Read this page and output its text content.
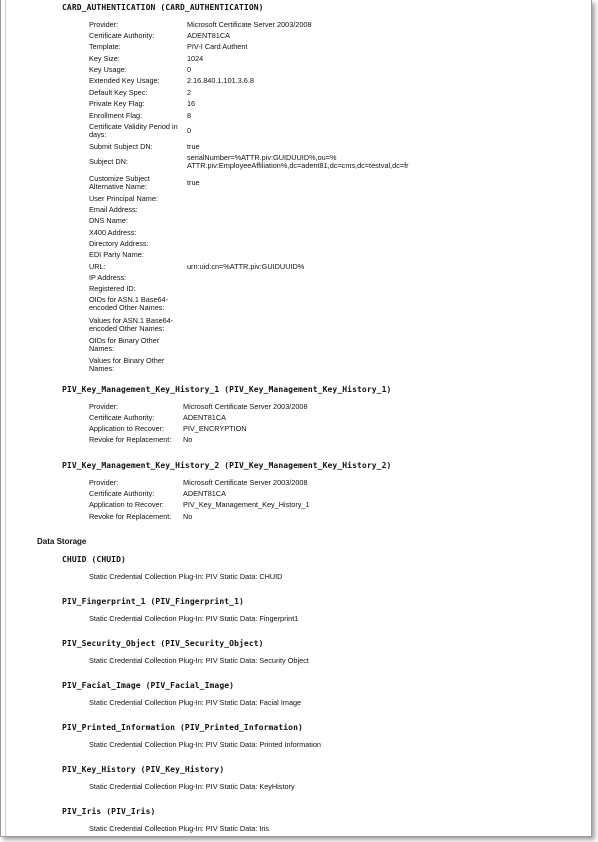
CARD_AUTHENTICATION (CARD_AUTHENTICATION)
Provider:	Microsoft Certificate Server 2003/2008
Certificate Authority:	ADENT81CA
Template:	PIV-I Card Authent
Key Size:	1024
Key Usage:	0
Extended Key Usage:	2.16.840.1.101.3.6.8
Default Key Spec:	2
Private Key Flag:	16
Enrollment Flag:	8
Certificate Validity Period in days:	0
Submit Subject DN:	true
Subject DN:	serialNumber=%ATTR.piv:GUIDUUID%,ou=% ATTR.piv:EmployeeAffiliation%,dc=adent81,dc=cms,dc=testval,dc=fr
Customize Subject Alternative Name:	true
User Principal Name:
Email Address:
DNS Name:
X400 Address:
Directory Address:
EDI Party Name:
URL:	urn:uid:cn=%ATTR.piv:GUIDUUID%
IP Address:
Registered ID:
OIDs for ASN.1 Base64-encoded Other Names:
Values for ASN.1 Base64-encoded Other Names:
OIDs for Binary Other Names:
Values for Binary Other Names:
PIV_Key_Management_Key_History_1 (PIV_Key_Management_Key_History_1)
Provider:	Microsoft Certificate Server 2003/2008
Certificate Authority:	ADENT81CA
Application to Recover:	PIV_ENCRYPTION
Revoke for Replacement: No
PIV_Key_Management_Key_History_2 (PIV_Key_Management_Key_History_2)
Provider:	Microsoft Certificate Server 2003/2008
Certificate Authority:	ADENT81CA
Application to Recover:	PIV_Key_Management_Key_History_1
Revoke for Replacement: No
Data Storage
CHUID (CHUID)
Static Credential Collection Plug-In: PIV Static Data: CHUID
PIV_Fingerprint_1 (PIV_Fingerprint_1)
Static Credential Collection Plug-In: PIV Static Data: Fingerprint1
PIV_Security_Object (PIV_Security_Object)
Static Credential Collection Plug-In: PIV Static Data: Security Object
PIV_Facial_Image (PIV_Facial_Image)
Static Credential Collection Plug-In: PIV Static Data: Facial Image
PIV_Printed_Information (PIV_Printed_Information)
Static Credential Collection Plug-In: PIV Static Data: Printed Information
PIV_Key_History (PIV_Key_History)
Static Credential Collection Plug-In: PIV Static Data: KeyHistory
PIV_Iris (PIV_Iris)
Static Credential Collection Plug-In: PIV Static Data: Iris
